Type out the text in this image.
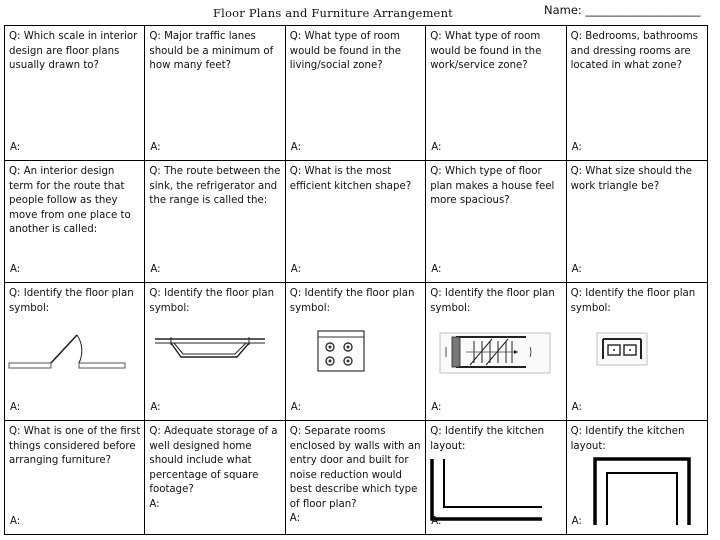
Floor Plans and Furniture Arrangement	Name: ____________________
Q: Which scale in interior design are floor plans usually drawn to?
A:
Q: Major traffic lanes should be a minimum of how many feet?
A:
Q: What type of room would be found in the living/social zone?
A:
Q: What type of room would be found in the work/service zone?
A:
Q: Bedrooms, bathrooms and dressing rooms are located in what zone?
A:
Q: An interior design term for the route that people follow as they move from one place to another is called:
A:
Q: The route between the sink, the refrigerator and the range is called the:
A:
Q: What is the most efficient kitchen shape?
A:
Q: Which type of floor plan makes a house feel more spacious?
A:
Q: What size should the work triangle be?
A:
Q: Identify the floor plan symbol:
A:
Q: Identify the floor plan symbol:
A:
Q: Identify the floor plan symbol:
A:
Q: Identify the floor plan symbol:
A:
Q: Identify the floor plan symbol:
A:
Q: What is one of the first things considered before arranging furniture?
A:
Q: Adequate storage of a well designed home should include what percentage of square footage?
A:
Q: Separate rooms enclosed by walls with an entry door and built for noise reduction would best describe which type of floor plan?
A:
Q: Identify the kitchen layout:
A:
Q: Identify the kitchen layout:
A:
